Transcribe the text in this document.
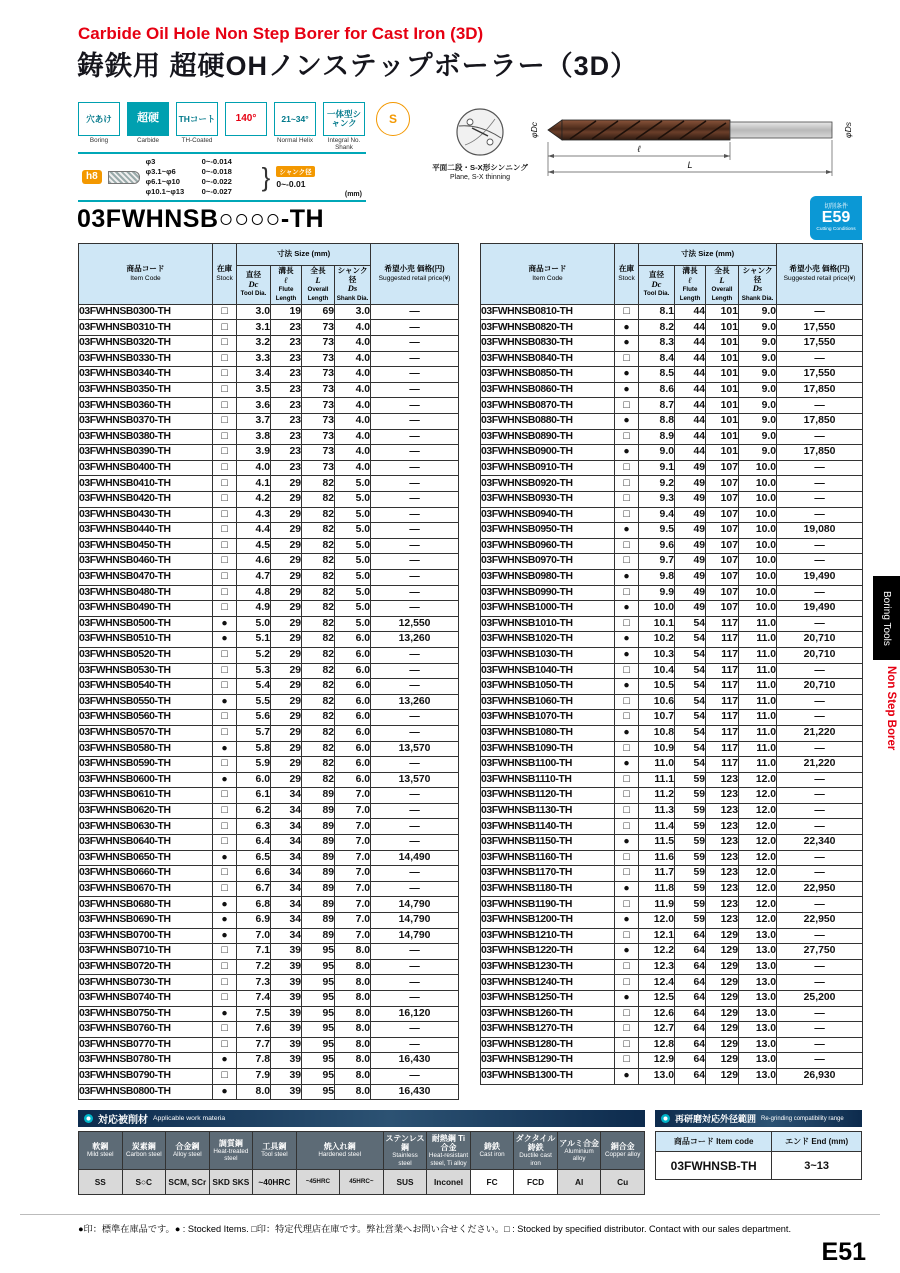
Carbide Oil Hole Non Step Borer for Cast Iron (3D)
鋳鉄用 超硬OHノンステップボーラー（3D）
穴あけ
Boring
超硬
Carbide
THコート
TH-Coated
140°	21~34°
Normal Helix
一体型シャンク
Integral No. Shank
S
h8
φ3	0~-0.014
φ3.1~φ6	0~-0.018
φ6.1~φ10	0~-0.022
φ10.1~φ13	0~-0.027	}	シャンク径
0~-0.01
(mm)
平面二段・S-X形シンニング
Plane, S-X thinning
φDc	φDs
ℓ
L
03FWHNSB○○○○-TH	切削条件
E59
Cutting Conditions
商品コード
Item Code	在庫
Stock	寸法 Size (mm)				希望小売 価格(円)
Suggested retail price(¥)
		直径
Dc
Tool Dia.	溝長
ℓ
Flute Length	全長
L
Overall Length	シャンク径
Ds
Shank Dia.	
03FWHNSB0300-TH	□	3.0	19	69	3.0	—
03FWHNSB0310-TH	□	3.1	23	73	4.0	—
03FWHNSB0320-TH	□	3.2	23	73	4.0	—
03FWHNSB0330-TH	□	3.3	23	73	4.0	—
03FWHNSB0340-TH	□	3.4	23	73	4.0	—
03FWHNSB0350-TH	□	3.5	23	73	4.0	—
03FWHNSB0360-TH	□	3.6	23	73	4.0	—
03FWHNSB0370-TH	□	3.7	23	73	4.0	—
03FWHNSB0380-TH	□	3.8	23	73	4.0	—
03FWHNSB0390-TH	□	3.9	23	73	4.0	—
03FWHNSB0400-TH	□	4.0	23	73	4.0	—
03FWHNSB0410-TH	□	4.1	29	82	5.0	—
03FWHNSB0420-TH	□	4.2	29	82	5.0	—
03FWHNSB0430-TH	□	4.3	29	82	5.0	—
03FWHNSB0440-TH	□	4.4	29	82	5.0	—
03FWHNSB0450-TH	□	4.5	29	82	5.0	—
03FWHNSB0460-TH	□	4.6	29	82	5.0	—
03FWHNSB0470-TH	□	4.7	29	82	5.0	—
03FWHNSB0480-TH	□	4.8	29	82	5.0	—
03FWHNSB0490-TH	□	4.9	29	82	5.0	—
03FWHNSB0500-TH	●	5.0	29	82	5.0	12,550
03FWHNSB0510-TH	●	5.1	29	82	6.0	13,260
03FWHNSB0520-TH	□	5.2	29	82	6.0	—
03FWHNSB0530-TH	□	5.3	29	82	6.0	—
03FWHNSB0540-TH	□	5.4	29	82	6.0	—
03FWHNSB0550-TH	●	5.5	29	82	6.0	13,260
03FWHNSB0560-TH	□	5.6	29	82	6.0	—
03FWHNSB0570-TH	□	5.7	29	82	6.0	—
03FWHNSB0580-TH	●	5.8	29	82	6.0	13,570
03FWHNSB0590-TH	□	5.9	29	82	6.0	—
03FWHNSB0600-TH	●	6.0	29	82	6.0	13,570
03FWHNSB0610-TH	□	6.1	34	89	7.0	—
03FWHNSB0620-TH	□	6.2	34	89	7.0	—
03FWHNSB0630-TH	□	6.3	34	89	7.0	—
03FWHNSB0640-TH	□	6.4	34	89	7.0	—
03FWHNSB0650-TH	●	6.5	34	89	7.0	14,490
03FWHNSB0660-TH	□	6.6	34	89	7.0	—
03FWHNSB0670-TH	□	6.7	34	89	7.0	—
03FWHNSB0680-TH	●	6.8	34	89	7.0	14,790
03FWHNSB0690-TH	●	6.9	34	89	7.0	14,790
03FWHNSB0700-TH	●	7.0	34	89	7.0	14,790
03FWHNSB0710-TH	□	7.1	39	95	8.0	—
03FWHNSB0720-TH	□	7.2	39	95	8.0	—
03FWHNSB0730-TH	□	7.3	39	95	8.0	—
03FWHNSB0740-TH	□	7.4	39	95	8.0	—
03FWHNSB0750-TH	●	7.5	39	95	8.0	16,120
03FWHNSB0760-TH	□	7.6	39	95	8.0	—
03FWHNSB0770-TH	□	7.7	39	95	8.0	—
03FWHNSB0780-TH	●	7.8	39	95	8.0	16,430
03FWHNSB0790-TH	□	7.9	39	95	8.0	—
03FWHNSB0800-TH	●	8.0	39	95	8.0	16,430
商品コード
Item Code	在庫
Stock	寸法 Size (mm)				希望小売 価格(円)
Suggested retail price(¥)
		直径
Dc
Tool Dia.	溝長
ℓ
Flute Length	全長
L
Overall Length	シャンク径
Ds
Shank Dia.	
03FWHNSB0810-TH	□	8.1	44	101	9.0	—
03FWHNSB0820-TH	●	8.2	44	101	9.0	17,550
03FWHNSB0830-TH	●	8.3	44	101	9.0	17,550
03FWHNSB0840-TH	□	8.4	44	101	9.0	—
03FWHNSB0850-TH	●	8.5	44	101	9.0	17,550
03FWHNSB0860-TH	●	8.6	44	101	9.0	17,850
03FWHNSB0870-TH	□	8.7	44	101	9.0	—
03FWHNSB0880-TH	●	8.8	44	101	9.0	17,850
03FWHNSB0890-TH	□	8.9	44	101	9.0	—
03FWHNSB0900-TH	●	9.0	44	101	9.0	17,850
03FWHNSB0910-TH	□	9.1	49	107	10.0	—
03FWHNSB0920-TH	□	9.2	49	107	10.0	—
03FWHNSB0930-TH	□	9.3	49	107	10.0	—
03FWHNSB0940-TH	□	9.4	49	107	10.0	—
03FWHNSB0950-TH	●	9.5	49	107	10.0	19,080
03FWHNSB0960-TH	□	9.6	49	107	10.0	—
03FWHNSB0970-TH	□	9.7	49	107	10.0	—
03FWHNSB0980-TH	●	9.8	49	107	10.0	19,490
03FWHNSB0990-TH	□	9.9	49	107	10.0	—
03FWHNSB1000-TH	●	10.0	49	107	10.0	19,490
03FWHNSB1010-TH	□	10.1	54	117	11.0	—
03FWHNSB1020-TH	●	10.2	54	117	11.0	20,710
03FWHNSB1030-TH	●	10.3	54	117	11.0	20,710
03FWHNSB1040-TH	□	10.4	54	117	11.0	—
03FWHNSB1050-TH	●	10.5	54	117	11.0	20,710
03FWHNSB1060-TH	□	10.6	54	117	11.0	—
03FWHNSB1070-TH	□	10.7	54	117	11.0	—
03FWHNSB1080-TH	●	10.8	54	117	11.0	21,220
03FWHNSB1090-TH	□	10.9	54	117	11.0	—
03FWHNSB1100-TH	●	11.0	54	117	11.0	21,220
03FWHNSB1110-TH	□	11.1	59	123	12.0	—
03FWHNSB1120-TH	□	11.2	59	123	12.0	—
03FWHNSB1130-TH	□	11.3	59	123	12.0	—
03FWHNSB1140-TH	□	11.4	59	123	12.0	—
03FWHNSB1150-TH	●	11.5	59	123	12.0	22,340
03FWHNSB1160-TH	□	11.6	59	123	12.0	—
03FWHNSB1170-TH	□	11.7	59	123	12.0	—
03FWHNSB1180-TH	●	11.8	59	123	12.0	22,950
03FWHNSB1190-TH	□	11.9	59	123	12.0	—
03FWHNSB1200-TH	●	12.0	59	123	12.0	22,950
03FWHNSB1210-TH	□	12.1	64	129	13.0	—
03FWHNSB1220-TH	●	12.2	64	129	13.0	27,750
03FWHNSB1230-TH	□	12.3	64	129	13.0	—
03FWHNSB1240-TH	□	12.4	64	129	13.0	—
03FWHNSB1250-TH	●	12.5	64	129	13.0	25,200
03FWHNSB1260-TH	□	12.6	64	129	13.0	—
03FWHNSB1270-TH	□	12.7	64	129	13.0	—
03FWHNSB1280-TH	□	12.8	64	129	13.0	—
03FWHNSB1290-TH	□	12.9	64	129	13.0	—
03FWHNSB1300-TH	●	13.0	64	129	13.0	26,930
対応被削材 Applicable work materia	再研磨対応外径範囲 Re-grinding compatibility range
軟鋼
Mild steel	炭素鋼
Carbon steel	合金鋼
Alloy steel	調質鋼
Heat-treated steel	工具鋼
Tool steel	焼入れ鋼
Hardened steel		ステンレス鋼
Stainless steel	耐熱鋼 Ti合金
Heat-resistant steel, Ti alloy	鋳鉄
Cast iron	ダクタイル鋳鉄
Ductile cast iron	アルミ合金
Aluminium alloy	銅合金
Copper alloy
SS	S○C	SCM, SCr	SKD SKS	~40HRC	~45HRC	45HRC~	SUS	Inconel	FC	FCD	Al	Cu
商品コード Item code	エンド End (mm)
03FWHNSB-TH	3~13
●印：標準在庫品です。● : Stocked Items. □印：特定代理店在庫です。弊社営業へお問い合せください。□ : Stocked by specified distributor. Contact with our sales department.
E51
Boring Tools
Non Step Borer
